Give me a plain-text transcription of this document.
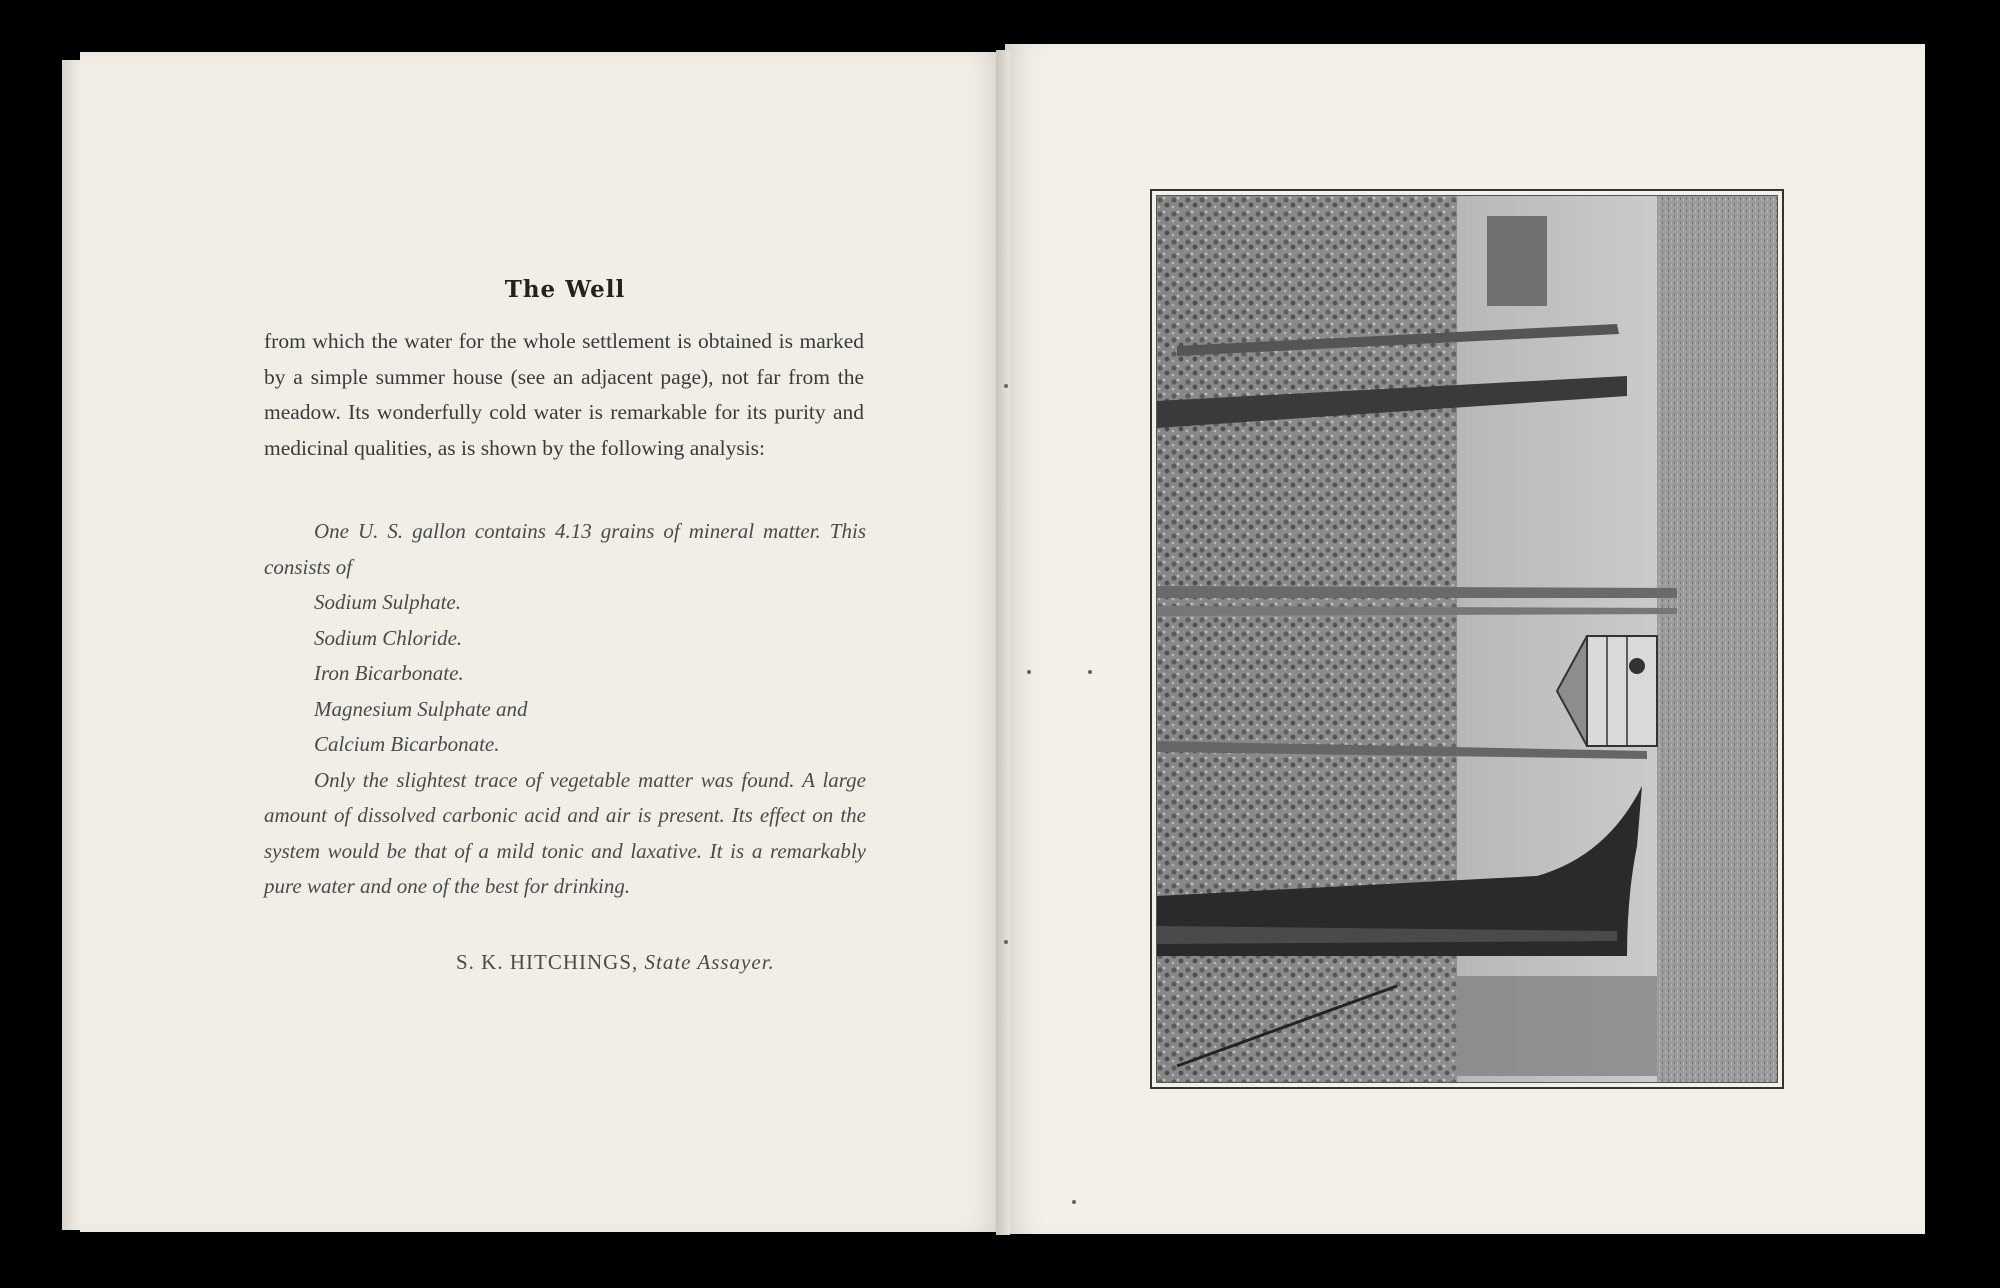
The Well
from which the water for the whole settlement is obtained is marked by a simple summer house (see an adjacent page), not far from the meadow. Its wonderfully cold water is remarkable for its purity and medicinal qualities, as is shown by the following analysis:
One U. S. gallon contains 4.13 grains of mineral matter. This consists of
Sodium Sulphate.
Sodium Chloride.
Iron Bicarbonate.
Magnesium Sulphate and
Calcium Bicarbonate.
Only the slightest trace of vegetable matter was found. A large amount of dissolved carbonic acid and air is present. Its effect on the system would be that of a mild tonic and laxative. It is a remarkably pure water and one of the best for drinking.
S. K. HITCHINGS, State Assayer.
